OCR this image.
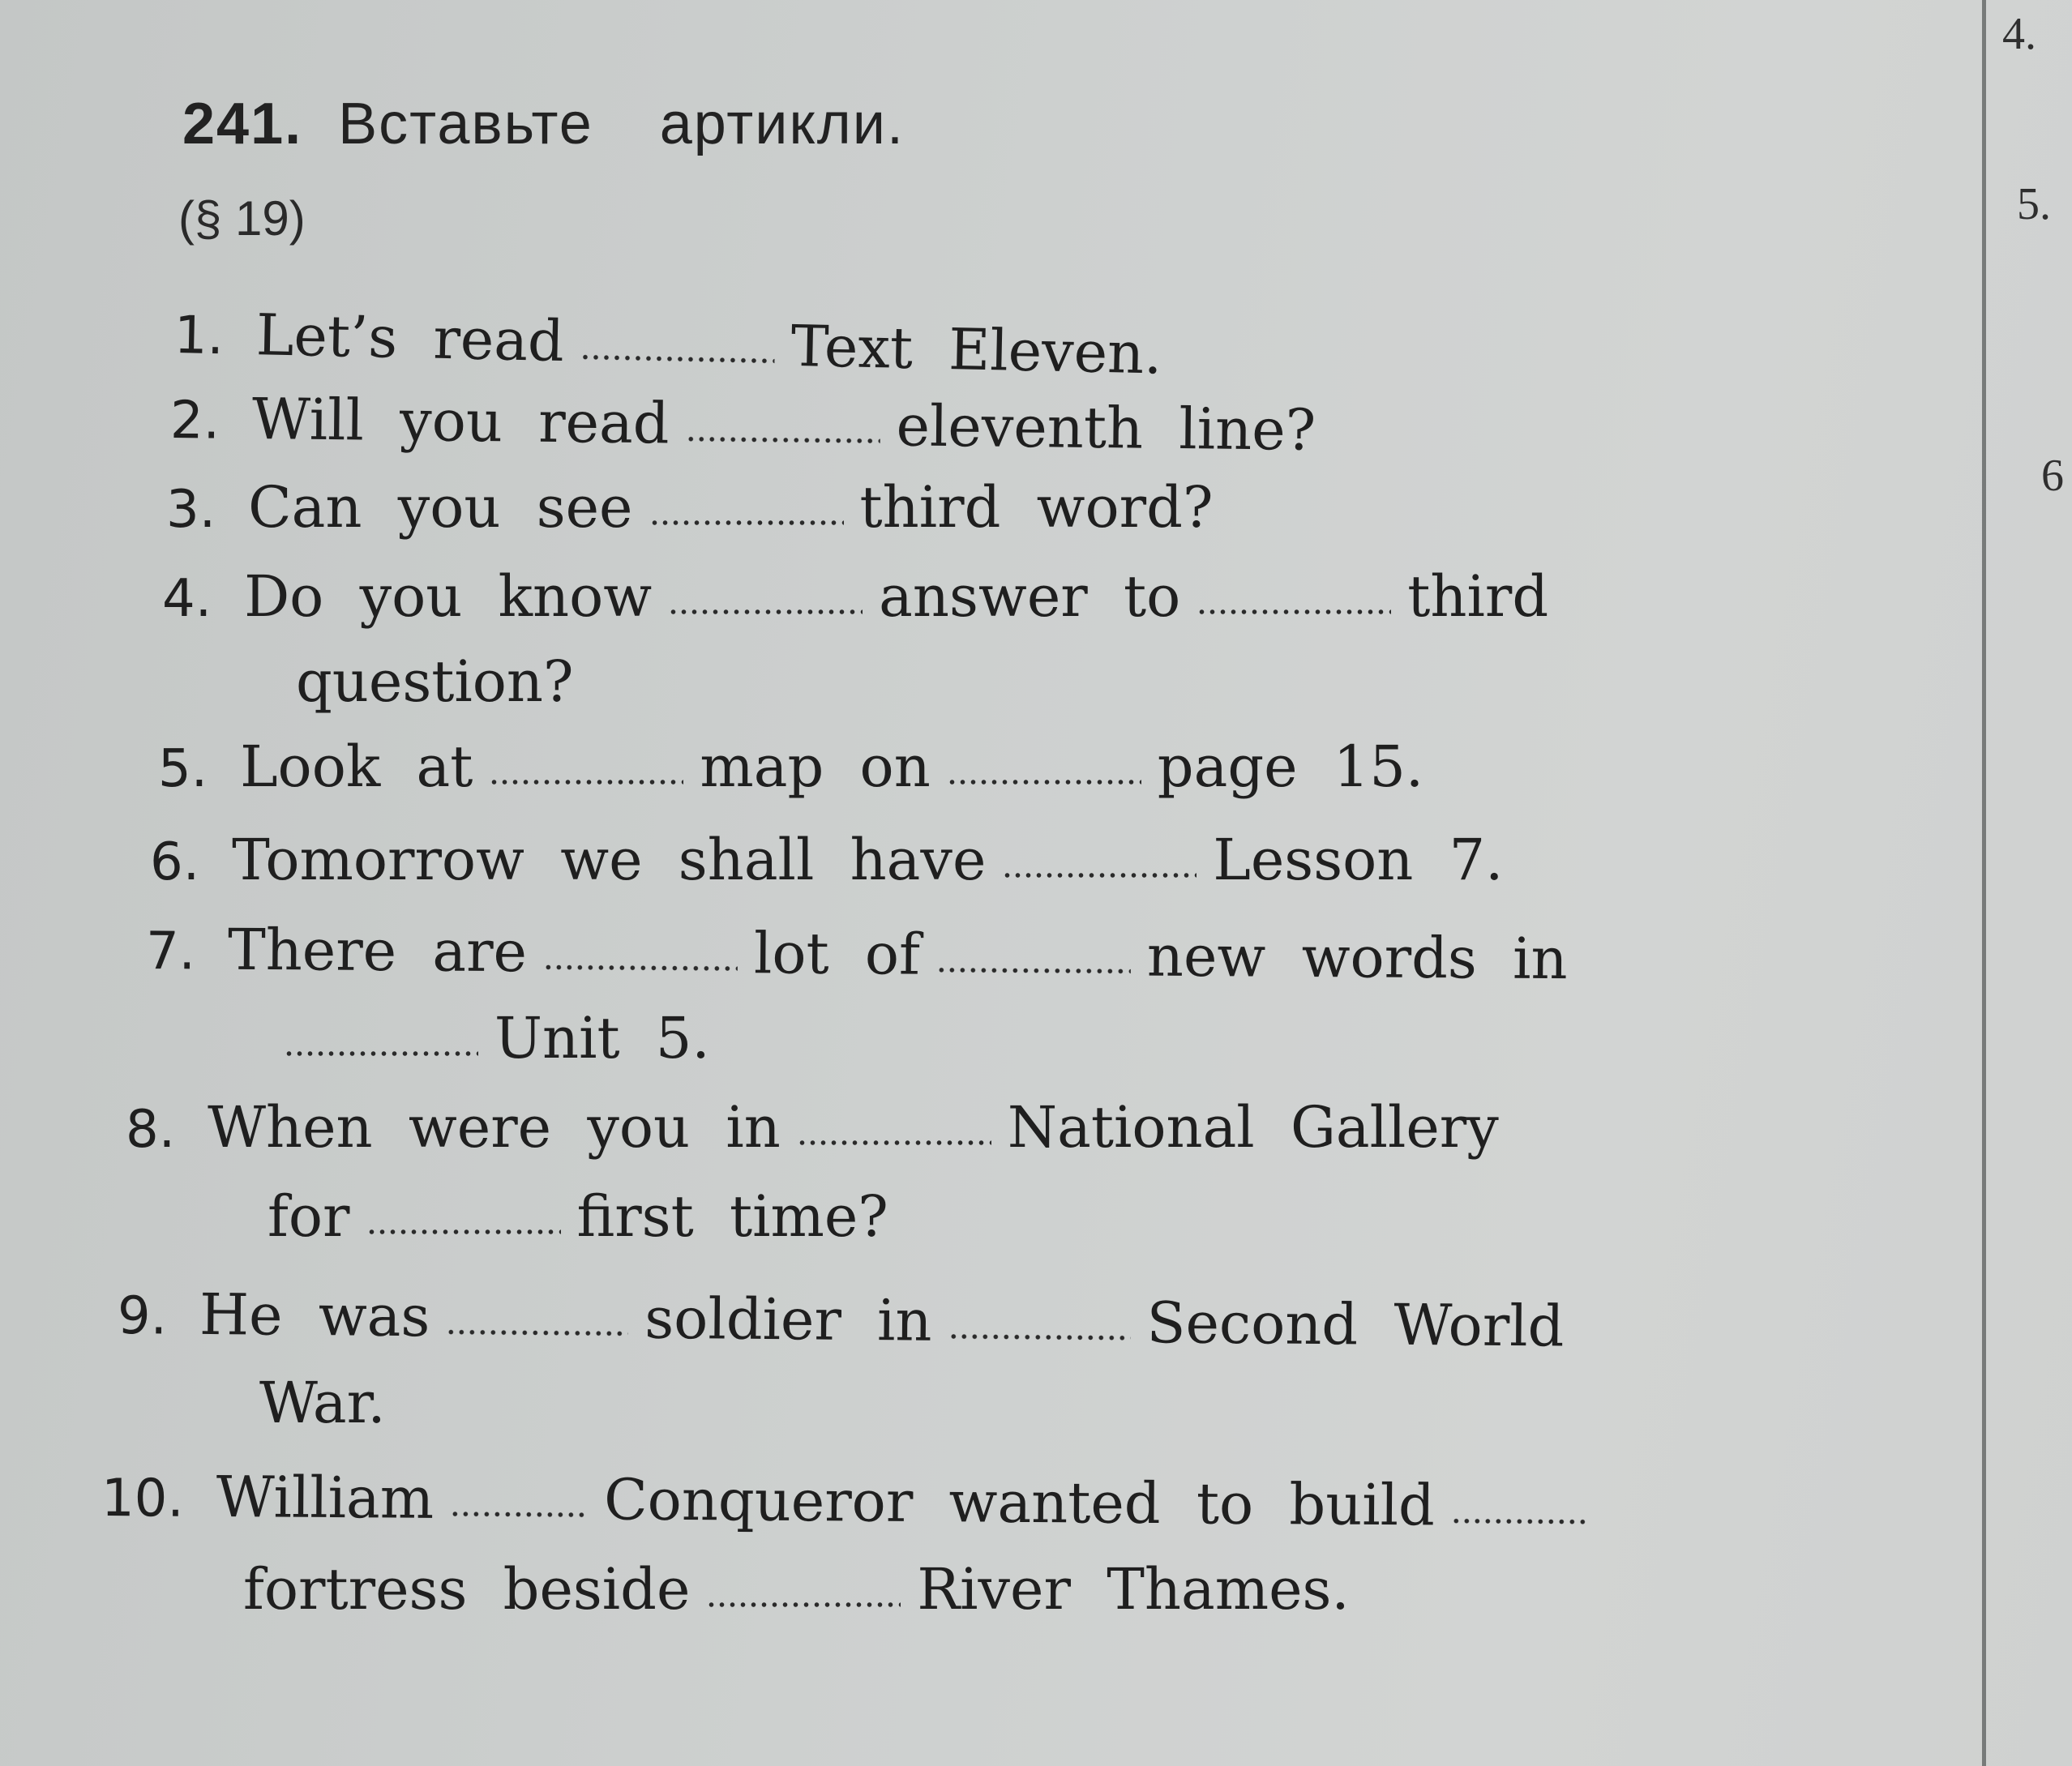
4.
5.
6
241. Вставьте артикли.
(§ 19)
1. Let’s read	Text Eleven.
2. Will you read	eleventh line?
3. Can you see	third word?
4. Do you know	answer to	third
question?
5. Look at	map on	page 15.
6. Tomorrow we shall have	Lesson 7.
7. There are	lot of	new words in
Unit 5.
8. When were you in	National Gallery
for	first time?
9. He was	soldier in	Second World
War.
10. William	Conqueror wanted to build
fortress beside	River Thames.
